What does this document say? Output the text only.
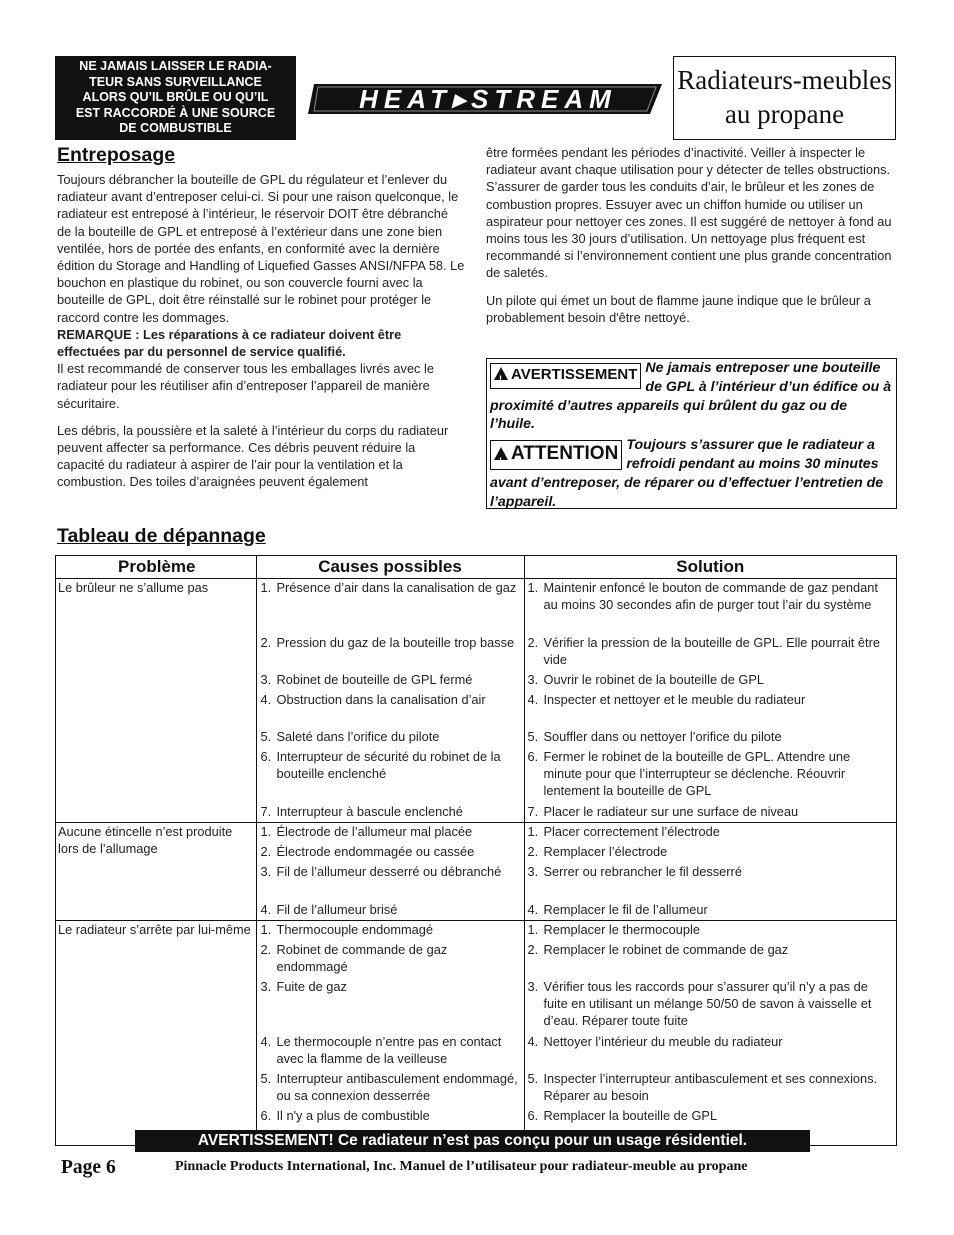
NE JAMAIS LAISSER LE RADIA-
TEUR SANS SURVEILLANCE
ALORS QU’IL BRÛLE OU QU’IL
EST RACCORDÉ À UNE SOURCE
DE COMBUSTIBLE
HEAT▸STREAM
Radiateurs-meubles
au propane
Entreposage

Toujours débrancher la bouteille de GPL du régulateur et l’enlever du radiateur avant d’entreposer celui-ci. Si pour une raison quelconque, le radiateur est entreposé à l’intérieur, le réservoir DOIT être débranché de la bouteille de GPL et entreposé à l’extérieur dans une zone bien ventilée, hors de portée des enfants, en conformité avec la dernière édition du Storage and Handling of Liquefied Gasses ANSI/NFPA 58. Le bouchon en plastique du robinet, ou son couvercle fourni avec la bouteille de GPL, doit être réinstallé sur le robinet pour protéger le raccord contre les dommages.

REMARQUE : Les réparations à ce radiateur doivent être effectuées par du personnel de service qualifié.

Il est recommandé de conserver tous les emballages livrés avec le radiateur pour les réutiliser afin d’entreposer l’appareil de manière sécuritaire.

Les débris, la poussière et la saleté à l’intérieur du corps du radiateur peuvent affecter sa performance. Ces débris peuvent réduire la capacité du radiateur à aspirer de l’air pour la ventilation et la combustion. Des toiles d’araignées peuvent également

être formées pendant les périodes d’inactivité. Veiller à inspecter le radiateur avant chaque utilisation pour y détecter de telles obstructions. S’assurer de garder tous les conduits d’air, le brûleur et les zones de combustion propres. Essuyer avec un chiffon humide ou utiliser un aspirateur pour nettoyer ces zones. Il est suggéré de nettoyer à fond au moins tous les 30 jours d’utilisation. Un nettoyage plus fréquent est recommandé si l’environnement contient une plus grande concentration de saletés.

Un pilote qui émet un bout de flamme jaune indique que le brûleur a probablement besoin d'être nettoyé.

!AVERTISSEMENT Ne jamais entreposer une bouteille de GPL à l’intérieur d’un édifice ou à proximité d’autres appareils qui brûlent du gaz ou de l’huile.
!ATTENTION Toujours s’assurer que le radiateur a refroidi pendant au moins 30 minutes avant d’entreposer, de réparer ou d’effectuer l’entretien de l’appareil.
Tableau de dépannage
Problème	Causes possibles	Solution
Le brûleur ne s’allume pas	1. Présence d’air dans la canalisation de gaz	1. Maintenir enfoncé le bouton de commande de gaz pendant au moins 30 secondes afin de purger tout l’air du système

	2. Pression du gaz de la bouteille trop basse	2. Vérifier la pression de la bouteille de GPL. Elle pourrait être vide

	3. Robinet de bouteille de GPL fermé	3. Ouvrir le robinet de la bouteille de GPL

	4. Obstruction dans la canalisation d’air	4. Inspecter et nettoyer et le meuble du radiateur

	5. Saleté dans l’orifice du pilote	5. Souffler dans ou nettoyer l’orifice du pilote

	6. Interrupteur de sécurité du robinet de la bouteille enclenché	6. Fermer le robinet de la bouteille de GPL. Attendre une minute pour que l’interrupteur se déclenche. Réouvrir lentement la bouteille de GPL

	7. Interrupteur à bascule enclenché	7. Placer le radiateur sur une surface de niveau

Aucune étincelle n’est produite lors de l’allumage	1. Électrode de l’allumeur mal placée	1. Placer correctement l’électrode

	2. Électrode endommagée ou cassée	2. Remplacer l’électrode

	3. Fil de l’allumeur desserré ou débranché	3. Serrer ou rebrancher le fil desserré

	4. Fil de l’allumeur brisé	4. Remplacer le fil de l’allumeur

Le radiateur s’arrête par lui-même	1. Thermocouple endommagé	1. Remplacer le thermocouple

	2. Robinet de commande de gaz endommagé	2. Remplacer le robinet de commande de gaz

	3. Fuite de gaz	3. Vérifier tous les raccords pour s’assurer qu’il n’y a pas de fuite en utilisant un mélange 50/50 de savon à vaisselle et d’eau. Réparer toute fuite

	4. Le thermocouple n’entre pas en contact avec la flamme de la veilleuse	4. Nettoyer l’intérieur du meuble du radiateur

	5. Interrupteur antibasculement endommagé, ou sa connexion desserrée	5. Inspecter l’interrupteur antibasculement et ses connexions. Réparer au besoin

	6. Il n'y a plus de combustible	6. Remplacer la bouteille de GPL
AVERTISSEMENT! Ce radiateur n’est pas conçu pour un usage résidentiel.
Page 6	Pinnacle Products International, Inc. Manuel de l’utilisateur pour radiateur-meuble au propane
